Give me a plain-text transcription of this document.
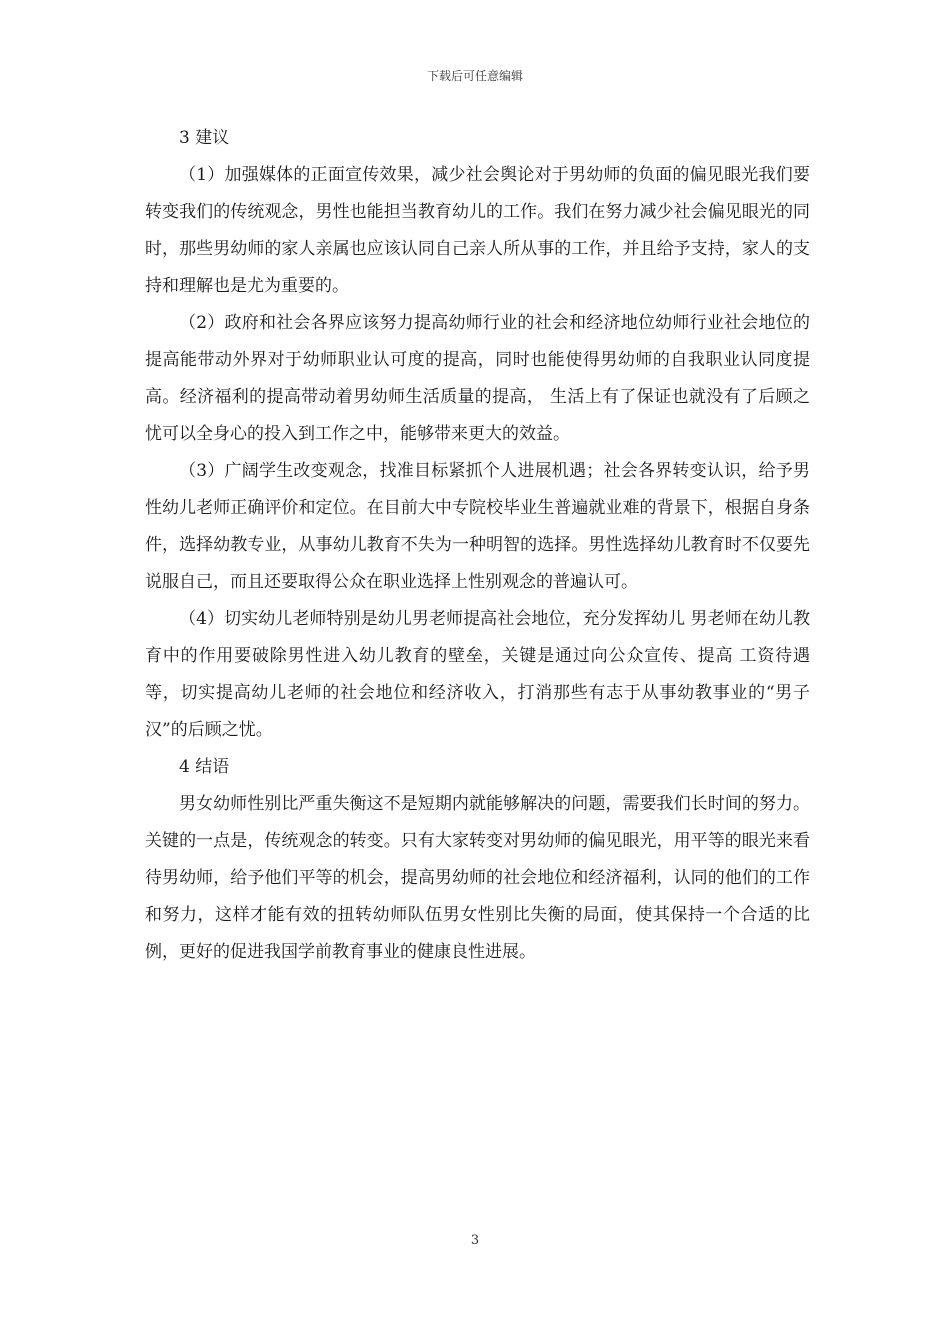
下载后可任意编辑

3 建议

（1）加强媒体的正面宣传效果，减少社会舆论对于男幼师的负面的偏见眼光我们要转变我们的传统观念，男性也能担当教育幼儿的工作。我们在努力减少社会偏见眼光的同时，那些男幼师的家人亲属也应该认同自己亲人所从事的工作，并且给予支持，家人的支持和理解也是尤为重要的。

（2）政府和社会各界应该努力提高幼师行业的社会和经济地位幼师行业社会地位的提高能带动外界对于幼师职业认可度的提高，同时也能使得男幼师的自我职业认同度提高。经济福利的提高带动着男幼师生活质量的提高， 生活上有了保证也就没有了后顾之忧可以全身心的投入到工作之中，能够带来更大的效益。

（3）广阔学生改变观念，找准目标紧抓个人进展机遇；社会各界转变认识，给予男性幼儿老师正确评价和定位。在目前大中专院校毕业生普遍就业难的背景下，根据自身条件，选择幼教专业，从事幼儿教育不失为一种明智的选择。男性选择幼儿教育时不仅要先说服自己，而且还要取得公众在职业选择上性别观念的普遍认可。

（4）切实幼儿老师特别是幼儿男老师提高社会地位，充分发挥幼儿 男老师在幼儿教育中的作用要破除男性进入幼儿教育的壁垒，关键是通过向公众宣传、提高 工资待遇等，切实提高幼儿老师的社会地位和经济收入，打消那些有志于从事幼教事业的“男子汉”的后顾之忧。

4 结语

男女幼师性别比严重失衡这不是短期内就能够解决的问题，需要我们长时间的努力。关键的一点是，传统观念的转变。只有大家转变对男幼师的偏见眼光，用平等的眼光来看待男幼师，给予他们平等的机会，提高男幼师的社会地位和经济福利，认同的他们的工作和努力，这样才能有效的扭转幼师队伍男女性别比失衡的局面，使其保持一个合适的比例，更好的促进我国学前教育事业的健康良性进展。

3
